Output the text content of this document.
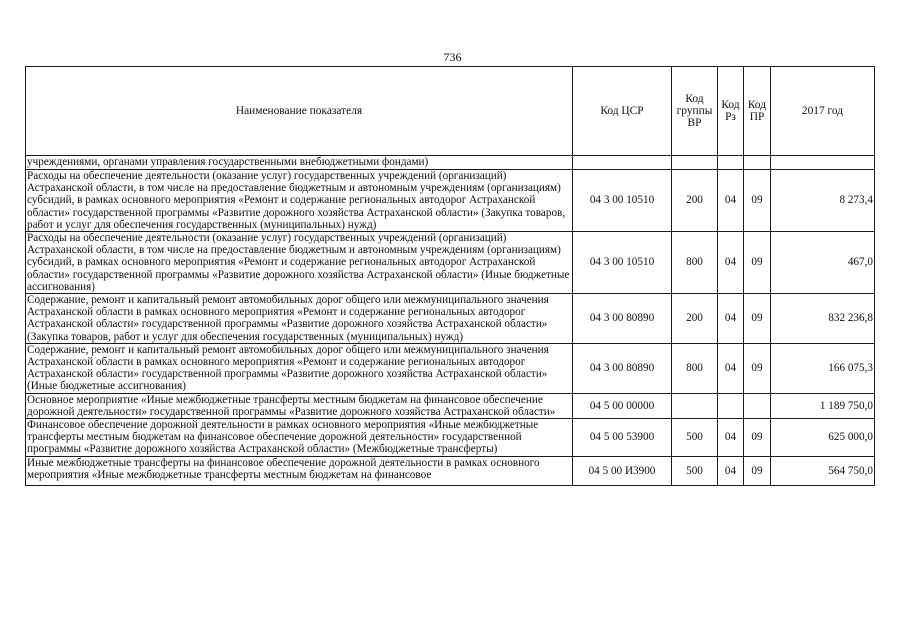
736
Наименование показателя	Код ЦСР	Код группы ВР	Код Рз	Код ПР	2017 год
учреждениями, органами управления государственными внебюджетными фондами)					
Расходы на обеспечение деятельности (оказание услуг) государственных учреждений (организаций) Астраханской области, в том числе на предоставление бюджетным и автономным учреждениям (организациям) субсидий, в рамках основного мероприятия «Ремонт и содержание региональных автодорог Астраханской области» государственной программы «Развитие дорожного хозяйства Астраханской области» (Закупка товаров, работ и услуг для обеспечения государственных (муниципальных) нужд)	04 3 00 10510	200	04	09	8 273,4
Расходы на обеспечение деятельности (оказание услуг) государственных учреждений (организаций) Астраханской области, в том числе на предоставление бюджетным и автономным учреждениям (организациям) субсидий, в рамках основного мероприятия «Ремонт и содержание региональных автодорог Астраханской области» государственной программы «Развитие дорожного хозяйства Астраханской области» (Иные бюджетные ассигнования)	04 3 00 10510	800	04	09	467,0
Содержание, ремонт и капитальный ремонт автомобильных дорог общего или межмуниципального значения Астраханской области в рамках основного мероприятия «Ремонт и содержание региональных автодорог Астраханской области» государственной программы «Развитие дорожного хозяйства Астраханской области» (Закупка товаров, работ и услуг для обеспечения государственных (муниципальных) нужд)	04 3 00 80890	200	04	09	832 236,8
Содержание, ремонт и капитальный ремонт автомобильных дорог общего или межмуниципального значения Астраханской области в рамках основного мероприятия «Ремонт и содержание региональных автодорог Астраханской области» государственной программы «Развитие дорожного хозяйства Астраханской области» (Иные бюджетные ассигнования)	04 3 00 80890	800	04	09	166 075,3
Основное мероприятие «Иные межбюджетные трансферты местным бюджетам на финансовое обеспечение дорожной деятельности» государственной программы «Развитие дорожного хозяйства Астраханской области»	04 5 00 00000				1 189 750,0
Финансовое обеспечение дорожной деятельности в рамках основного мероприятия «Иные межбюджетные трансферты местным бюджетам на финансовое обеспечение дорожной деятельности» государственной программы «Развитие дорожного хозяйства Астраханской области» (Межбюджетные трансферты)	04 5 00 53900	500	04	09	625 000,0
Иные межбюджетные трансферты на финансовое обеспечение дорожной деятельности в рамках основного мероприятия «Иные межбюджетные трансферты местным бюджетам на финансовое	04 5 00 И3900	500	04	09	564 750,0
